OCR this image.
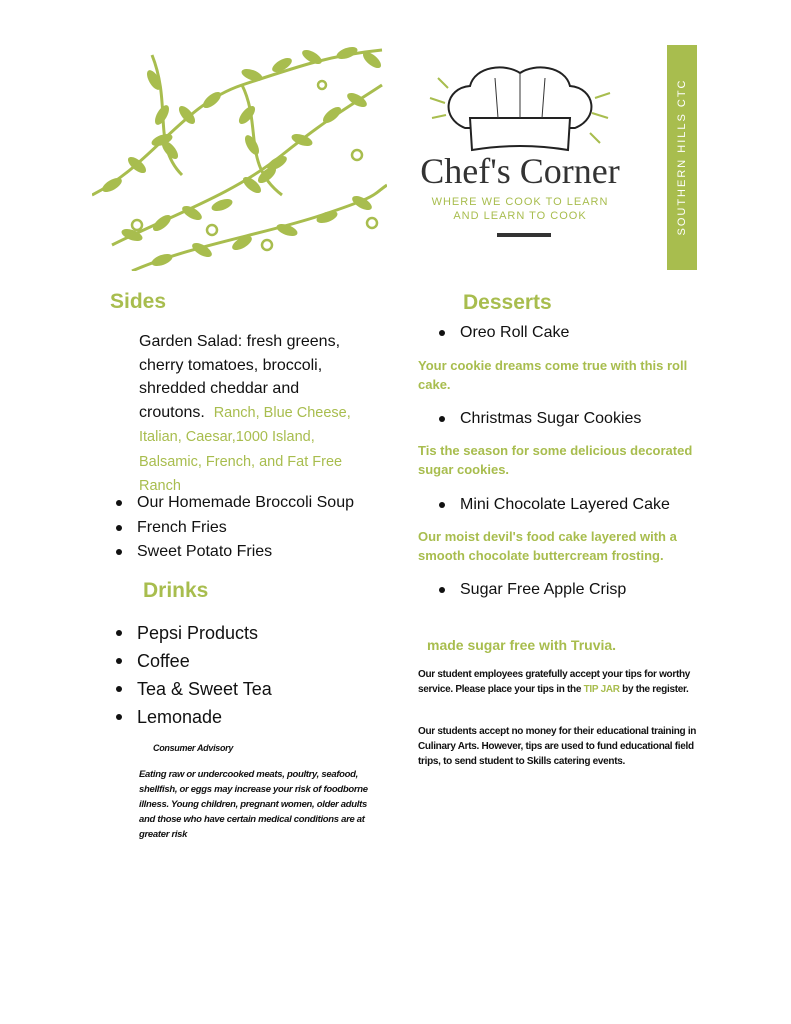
Chef's Corner
WHERE WE COOK TO LEARN
AND LEARN TO COOK	SOUTHERN HILLS CTC
Sides
Garden Salad: fresh greens, cherry tomatoes, broccoli, shredded cheddar and croutons. Ranch, Blue Cheese, Italian, Caesar,1000 Island, Balsamic, French, and Fat Free Ranch
Our Homemade Broccoli Soup
French Fries
Sweet Potato Fries
Drinks
Pepsi Products
Coffee
Tea & Sweet Tea
Lemonade
Consumer Advisory
Eating raw or undercooked meats, poultry, seafood, shellfish, or eggs may increase your risk of foodborne illness. Young children, pregnant women, older adults and those who have certain medical conditions are at greater risk
Desserts
Oreo Roll Cake
Your cookie dreams come true with this roll cake.
Christmas Sugar Cookies
Tis the season for some delicious decorated sugar cookies.
Mini Chocolate Layered Cake
Our moist devil's food cake layered with a smooth chocolate buttercream frosting.
Sugar Free Apple Crisp
made sugar free with Truvia.
Our student employees gratefully accept your tips for worthy service. Please place your tips in the TIP JAR by the register.
Our students accept no money for their educational training in Culinary Arts. However, tips are used to fund educational field trips, to send student to Skills catering events.
